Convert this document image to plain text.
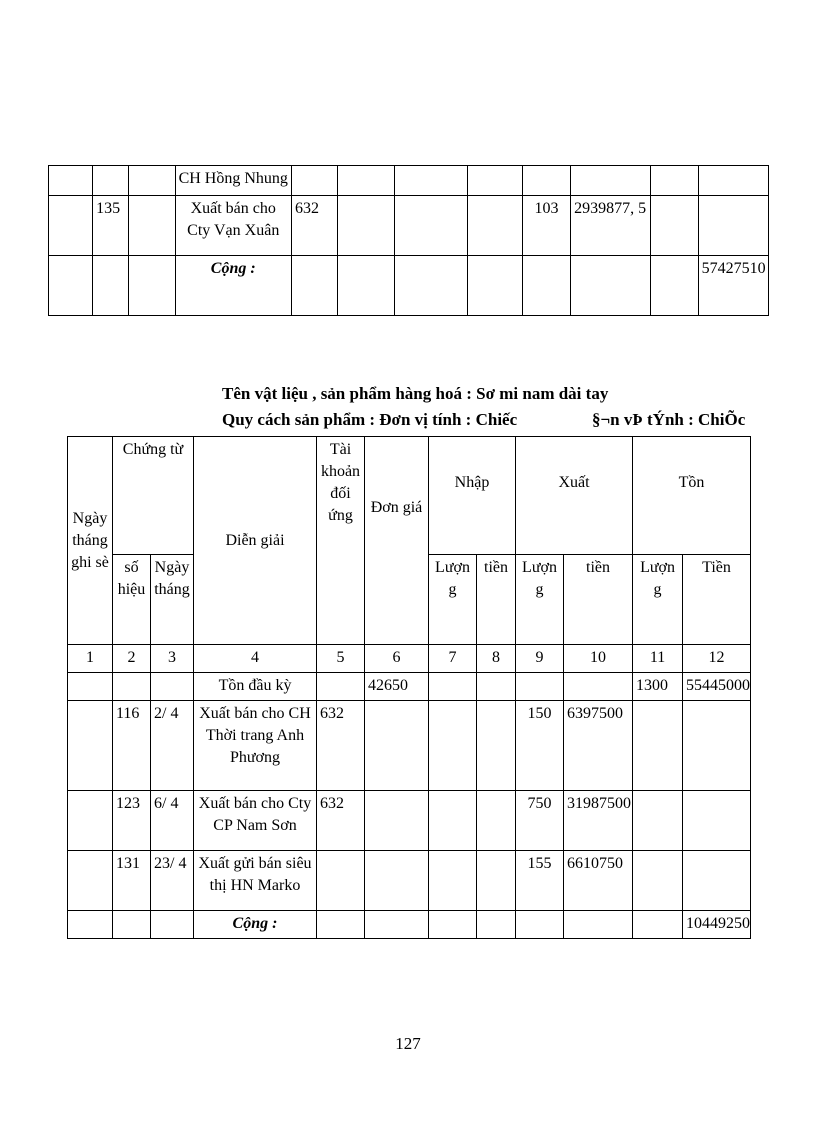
			CH Hồng Nhung								
	135		Xuất bán cho Cty Vạn Xuân	632				103	2939877, 5		
			Cộng :								57427510
Tên vật liệu , sản phẩm hàng hoá : Sơ mi nam dài tay
Quy cách sản phẩm : Đơn vị tính : Chiếc	§¬n vÞ tÝnh : ChiÕc
Ngày tháng ghi sè	Chứng từ		Diễn giải	Tài khoản đối ứng	Đơn giá	Nhập		Xuất		Tồn	
	số hiệu	Ngày tháng				Lượn g	tiền	Lượn g	tiền	Lượn g	Tiền
1	2	3	4	5	6	7	8	9	10	11	12
			Tồn đầu kỳ		42650					1300	55445000
	116	2/ 4	Xuất bán cho CH Thời trang Anh Phương	632				150	6397500		
	123	6/ 4	Xuất bán cho Cty CP Nam Sơn	632				750	31987500		
	131	23/ 4	Xuất gửi bán siêu thị HN Marko					155	6610750		
			Cộng :								10449250
127
